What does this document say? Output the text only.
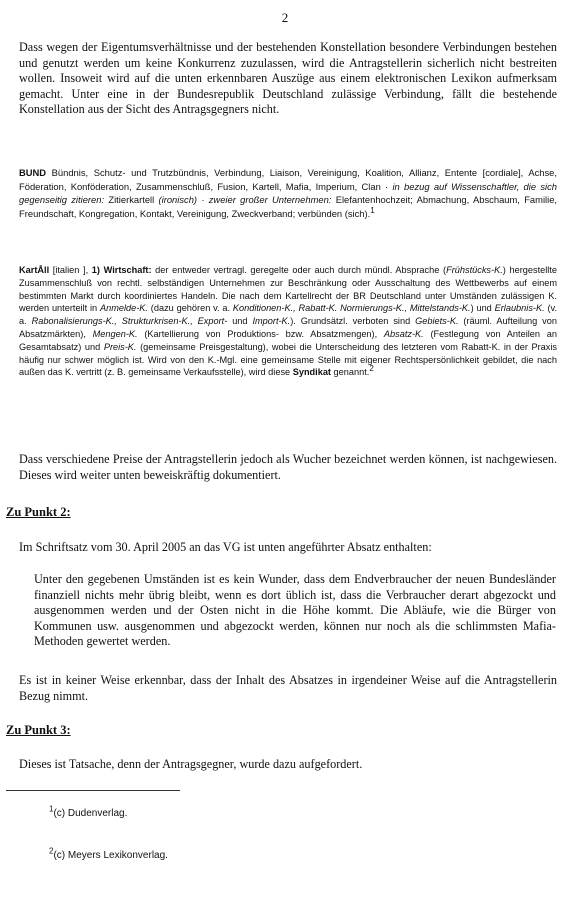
2
Dass wegen der Eigentumsverhältnisse und der bestehenden Konstellation besondere Verbindungen bestehen und genutzt werden um keine Konkurrenz zuzulassen, wird die Antragstellerin sicherlich nicht bestreiten wollen. Insoweit wird auf die unten erkennbaren Auszüge aus einem elektronischen Lexikon aufmerksam gemacht. Unter eine in der Bundesrepublik Deutschland zulässige Verbindung, fällt die bestehende Konstellation aus der Sicht des Antragsgegners nicht.
BUND Bündnis, Schutz- und Trutzbündnis, Verbindung, Liaison, Vereinigung, Koalition, Allianz, Entente [cordiale], Achse, Föderation, Konföderation, Zusammenschluß, Fusion, Kartell, Mafia, Imperium, Clan · in bezug auf Wissenschaftler, die sich gegenseitig zitieren: Zitierkartell (ironisch) · zweier großer Unternehmen: Elefantenhochzeit; Abmachung, Abschaum, Familie, Freundschaft, Kongregation, Kontakt, Vereinigung, Zweckverband; verbünden (sich).1
KartÅll [italien ], 1) Wirtschaft: der entweder vertragl. geregelte oder auch durch mündl. Absprache (Frühstücks-K.) hergestellte Zusammenschluß von rechtl. selbständigen Unternehmen zur Beschränkung oder Ausschaltung des Wettbewerbs auf einem bestimmten Markt durch koordiniertes Handeln. Die nach dem Kartellrecht der BR Deutschland unter Umständen zulässigen K. werden unterteilt in Anmelde-K. (dazu gehören v. a. Konditionen-K., Rabatt-K. Normierungs-K., Mittelstands-K.) und Erlaubnis-K. (v. a. Rabonalisierungs-K., Strukturkrisen-K., Export- und Import-K.). Grundsätzl. verboten sind Gebiets-K. (räuml. Aufteilung von Absatzmärkten), Mengen-K. (Kartellierung von Produktions- bzw. Absatzmengen), Absatz-K. (Festlegung von Anteilen an Gesamtabsatz) und Preis-K. (gemeinsame Preisgestaltung), wobei die Unterscheidung des letzteren vom Rabatt-K. in der Praxis häufig nur schwer möglich ist. Wird von den K.-Mgl. eine gemeinsame Stelle mit eigener Rechtspersönlichkeit gebildet, die nach außen das K. vertritt (z. B. gemeinsame Verkaufsstelle), wird diese Syndikat genannt.2
Dass verschiedene Preise der Antragstellerin jedoch als Wucher bezeichnet werden können, ist nachgewiesen. Dieses wird weiter unten beweiskräftig dokumentiert.
Zu Punkt 2:
Im Schriftsatz vom 30. April 2005 an das VG ist unten angeführter Absatz enthalten:
Unter den gegebenen Umständen ist es kein Wunder, dass dem Endverbraucher der neuen Bundesländer finanziell nichts mehr übrig bleibt, wenn es dort üblich ist, dass die Verbraucher derart abgezockt und ausgenommen werden und der Osten nicht in die Höhe kommt. Die Abläufe, wie die Bürger von Kommunen usw. ausgenommen und abgezockt werden, können nur noch als die schlimmsten Mafia-Methoden gewertet werden.
Es ist in keiner Weise erkennbar, dass der Inhalt des Absatzes in irgendeiner Weise auf die Antragstellerin Bezug nimmt.
Zu Punkt 3:
Dieses ist Tatsache, denn der Antragsgegner, wurde dazu aufgefordert.
$^1$(c) Dudenverlag.
$^2$(c) Meyers Lexikonverlag.
